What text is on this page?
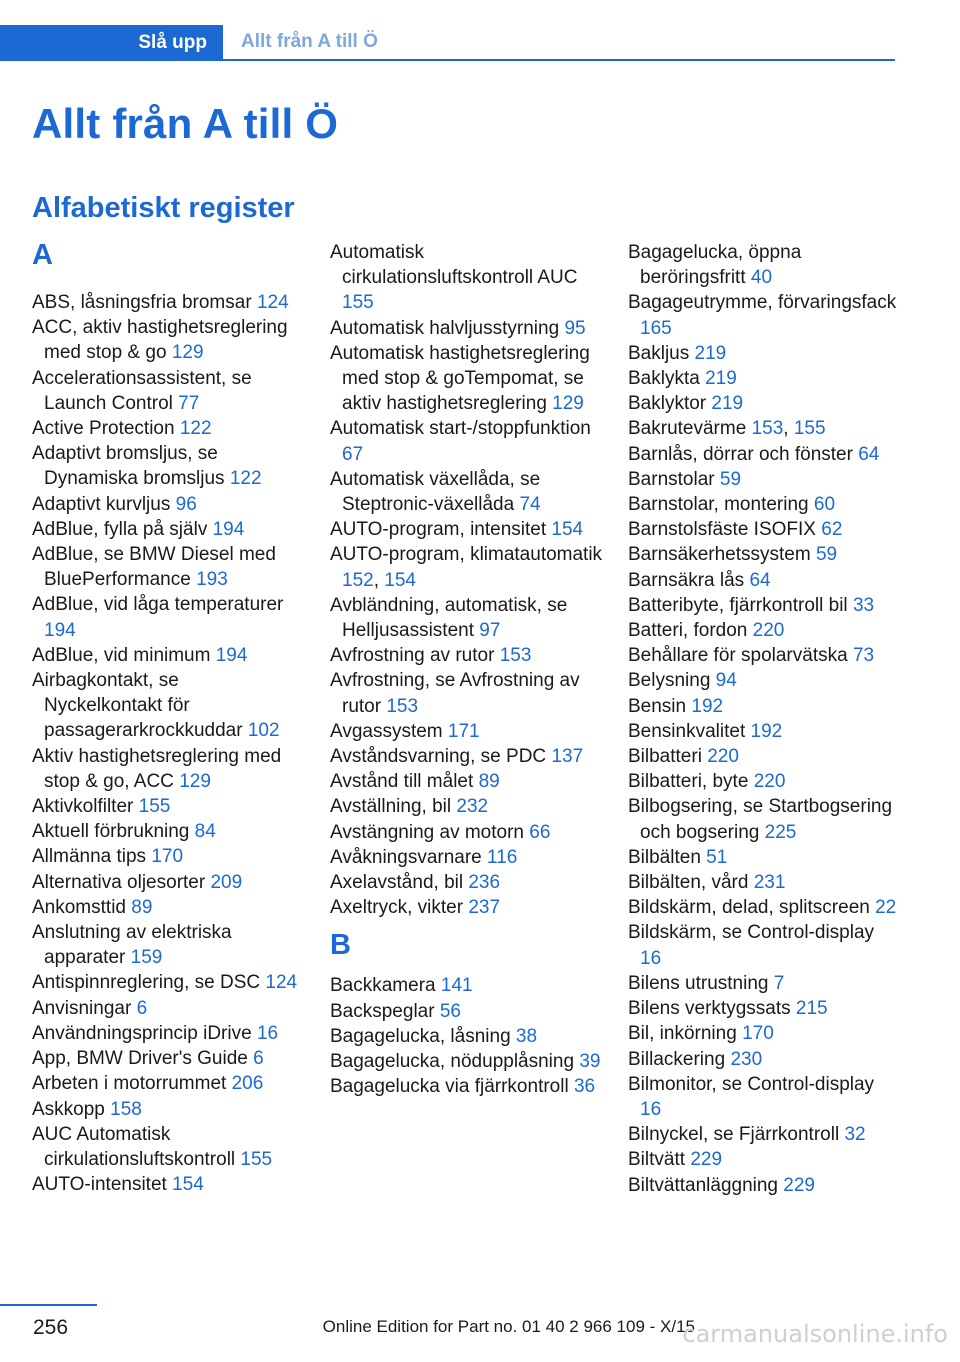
Slå upp	Allt från A till Ö
Allt från A till Ö
Alfabetiskt register
A
ABS, låsningsfria bromsar 124
ACC, aktiv hastighetsreglering med stop & go 129
Accelerationsassistent, se Launch Control 77
Active Protection 122
Adaptivt bromsljus, se Dynamiska bromsljus 122
Adaptivt kurvljus 96
AdBlue, fylla på själv 194
AdBlue, se BMW Diesel med BluePerformance 193
AdBlue, vid låga temperaturer 194
AdBlue, vid minimum 194
Airbagkontakt, se Nyckelkontakt för passagerarkrockkuddar 102
Aktiv hastighetsreglering med stop & go, ACC 129
Aktivkolfilter 155
Aktuell förbrukning 84
Allmänna tips 170
Alternativa oljesorter 209
Ankomsttid 89
Anslutning av elektriska apparater 159
Antispinnreglering, se DSC 124
Anvisningar 6
Användningsprincip iDrive 16
App, BMW Driver's Guide 6
Arbeten i motorrummet 206
Askkopp 158
AUC Automatisk cirkulationsluftskontroll 155
AUTO-intensitet 154
Automatisk cirkulationsluftskontroll AUC 155
Automatisk halvljusstyrning 95
Automatisk hastighetsreglering med stop & goTempomat, se aktiv hastighetsreglering 129
Automatisk start-/stoppfunktion 67
Automatisk växellåda, se Steptronic-växellåda 74
AUTO-program, intensitet 154
AUTO-program, klimatautomatik 152, 154
Avbländning, automatisk, se Helljusassistent 97
Avfrostning av rutor 153
Avfrostning, se Avfrostning av rutor 153
Avgassystem 171
Avståndsvarning, se PDC 137
Avstånd till målet 89
Avställning, bil 232
Avstängning av motorn 66
Avåkningsvarnare 116
Axelavstånd, bil 236
Axeltryck, vikter 237
B
Backkamera 141
Backspeglar 56
Bagagelucka, låsning 38
Bagagelucka, nödupplåsning 39
Bagagelucka via fjärrkontroll 36
Bagagelucka, öppna beröringsfritt 40
Bagageutrymme, förvaringsfack 165
Bakljus 219
Baklykta 219
Baklyktor 219
Bakrutevärme 153, 155
Barnlås, dörrar och fönster 64
Barnstolar 59
Barnstolar, montering 60
Barnstolsfäste ISOFIX 62
Barnsäkerhetssystem 59
Barnsäkra lås 64
Batteribyte, fjärrkontroll bil 33
Batteri, fordon 220
Behållare för spolarvätska 73
Belysning 94
Bensin 192
Bensinkvalitet 192
Bilbatteri 220
Bilbatteri, byte 220
Bilbogsering, se Startbogsering och bogsering 225
Bilbälten 51
Bilbälten, vård 231
Bildskärm, delad, splitscreen 22
Bildskärm, se Control-display 16
Bilens utrustning 7
Bilens verktygssats 215
Bil, inkörning 170
Billackering 230
Bilmonitor, se Control-display 16
Bilnyckel, se Fjärrkontroll 32
Biltvätt 229
Biltvättanläggning 229
256	Online Edition for Part no. 01 40 2 966 109 - X/15
carmanualsonline.info
